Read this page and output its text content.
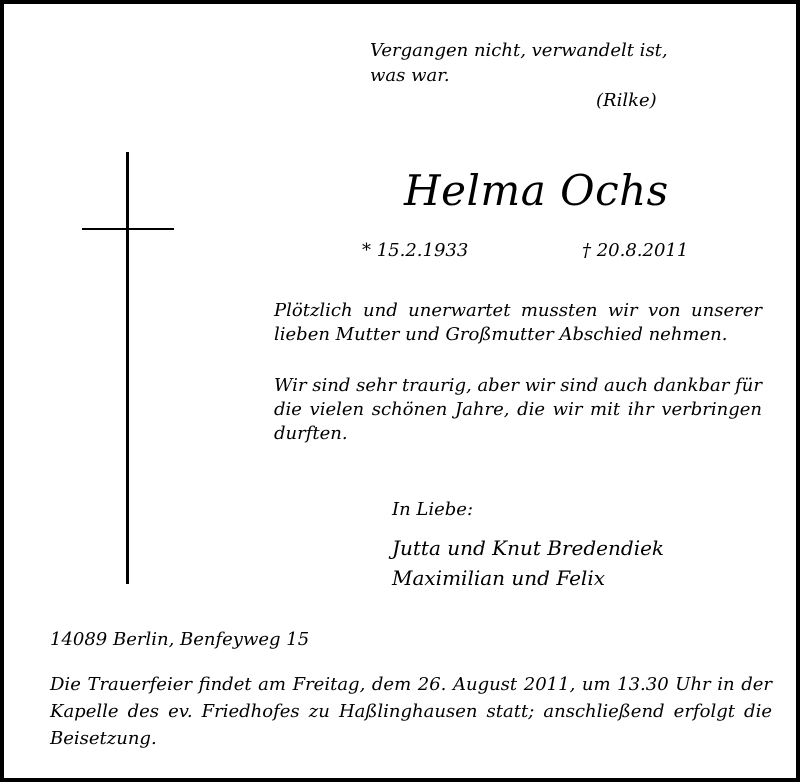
Vergangen nicht, verwandelt ist,
was war.
(Rilke)
Helma Ochs
* 15.2.1933	† 20.8.2011
Plötzlich und unerwartet mussten wir von unserer lieben Mutter und Großmutter Abschied nehmen.
Wir sind sehr traurig, aber wir sind auch dankbar für die vielen schönen Jahre, die wir mit ihr verbringen durften.
In Liebe:
Jutta und Knut Bredendiek
Maximilian und Felix
14089 Berlin, Benfeyweg 15
Die Trauerfeier findet am Freitag, dem 26. August 2011, um 13.30 Uhr in der Kapelle des ev. Friedhofes zu Haßlinghausen statt; anschließend erfolgt die Beisetzung.
